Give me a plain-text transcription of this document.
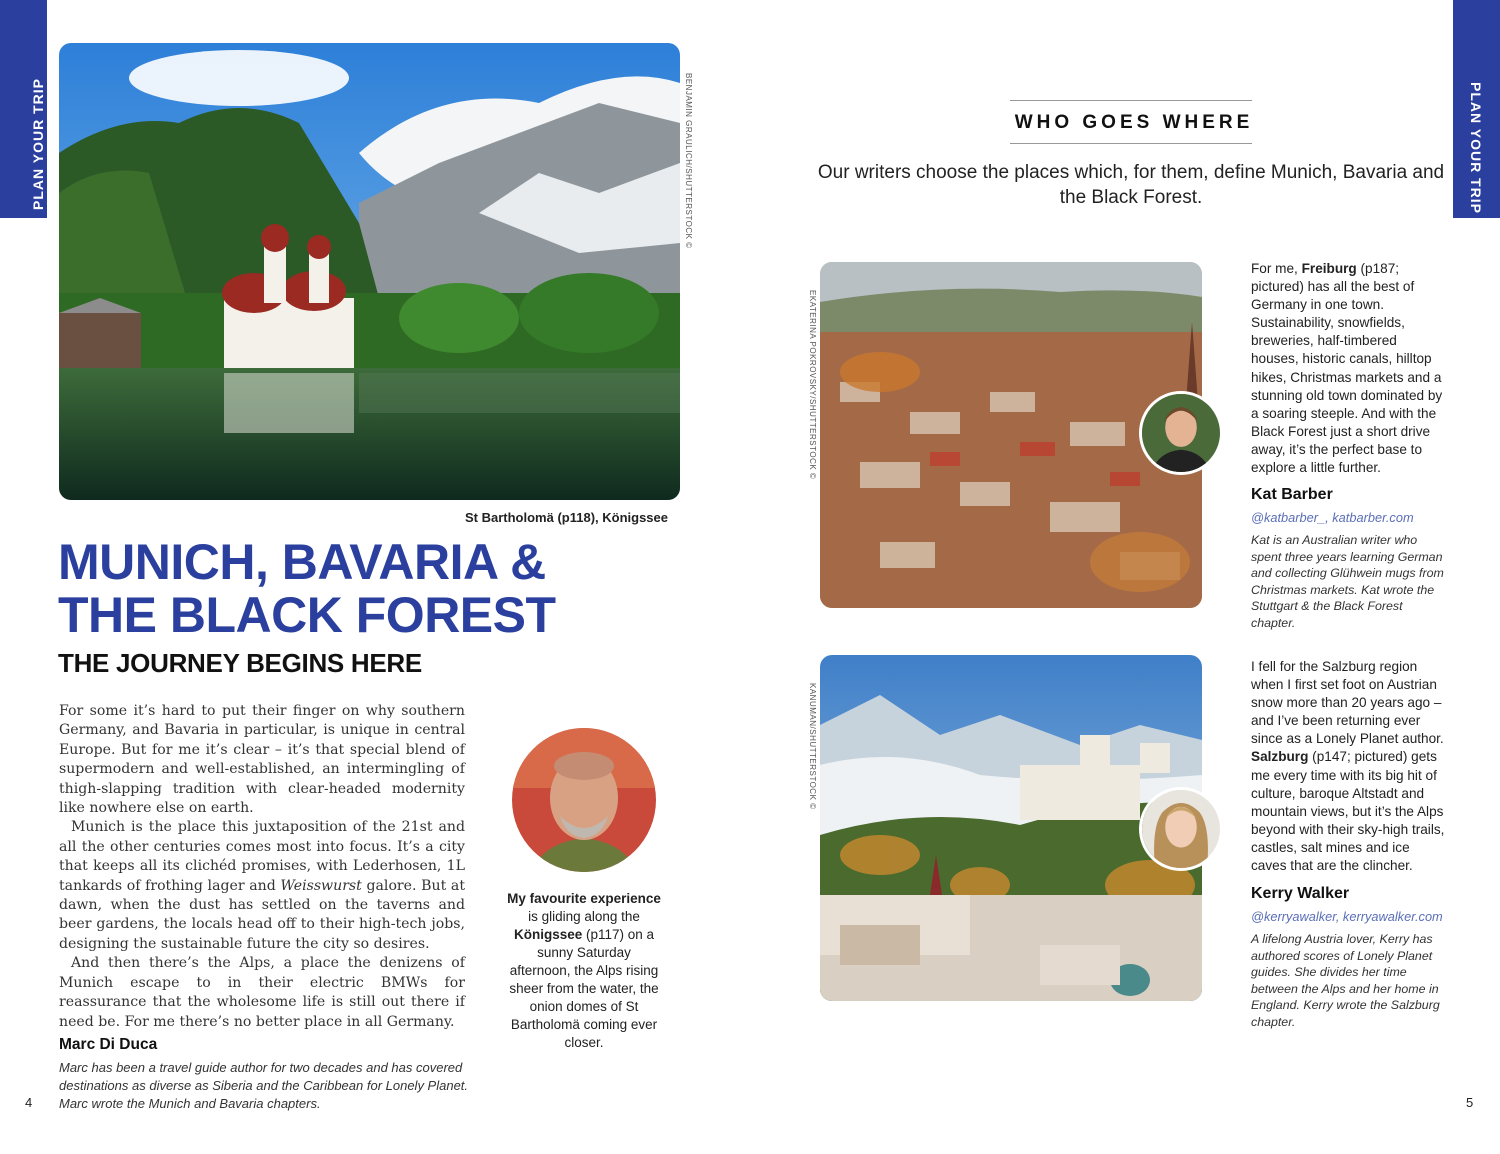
PLAN YOUR TRIP	PLAN YOUR TRIP
BENJAMIN GRAULICH/SHUTTERSTOCK ©
St Bartholomä (p118), Königssee
MUNICH, BAVARIA &
THE BLACK FOREST
THE JOURNEY BEGINS HERE

For some it’s hard to put their finger on why southern Germany, and Bavaria in particular, is unique in central Europe. But for me it’s clear – it’s that special blend of supermodern and well-established, an intermingling of thigh-slapping tradition with clear-headed modernity like nowhere else on earth.

Munich is the place this juxtaposition of the 21st and all the other centuries comes most into focus. It’s a city that keeps all its clichéd promises, with Lederhosen, 1L tankards of frothing lager and Weisswurst galore. But at dawn, when the dust has settled on the taverns and beer gardens, the locals head off to their high-tech jobs, designing the sustainable future the city so desires.

And then there’s the Alps, a place the denizens of Munich escape to in their electric BMWs for reassurance that the wholesome life is still out there if need be. For me there’s no better place in all Germany.

Marc Di Duca
Marc has been a travel guide author for two decades and has covered destinations as diverse as Siberia and the Caribbean for Lonely Planet. Marc wrote the Munich and Bavaria chapters.
My favourite experience is gliding along the Königssee (p117) on a sunny Saturday afternoon, the Alps rising sheer from the water, the onion domes of St Bartholomä coming ever closer.
4	5
WHO GOES WHERE
Our writers choose the places which, for them, define Munich, Bavaria and the Black Forest.
EKATERINA POKROVSKY/SHUTTERSTOCK ©
For me, Freiburg (p187; pictured) has all the best of Germany in one town. Sustainability, snowfields, breweries, half-timbered houses, historic canals, hilltop hikes, Christmas markets and a stunning old town dominated by a soaring steeple. And with the Black Forest just a short drive away, it’s the perfect base to explore a little further.
Kat Barber
@katbarber_, katbarber.com
Kat is an Australian writer who spent three years learning German and collecting Glühwein mugs from Christmas markets. Kat wrote the Stuttgart & the Black Forest chapter.
KANUMAN/SHUTTERSTOCK ©
I fell for the Salzburg region when I first set foot on Austrian snow more than 20 years ago – and I’ve been returning ever since as a Lonely Planet author. Salzburg (p147; pictured) gets me every time with its big hit of culture, baroque Altstadt and mountain views, but it’s the Alps beyond with their sky-high trails, castles, salt mines and ice caves that are the clincher.
Kerry Walker
@kerryawalker, kerryawalker.com
A lifelong Austria lover, Kerry has authored scores of Lonely Planet guides. She divides her time between the Alps and her home in England. Kerry wrote the Salzburg chapter.
